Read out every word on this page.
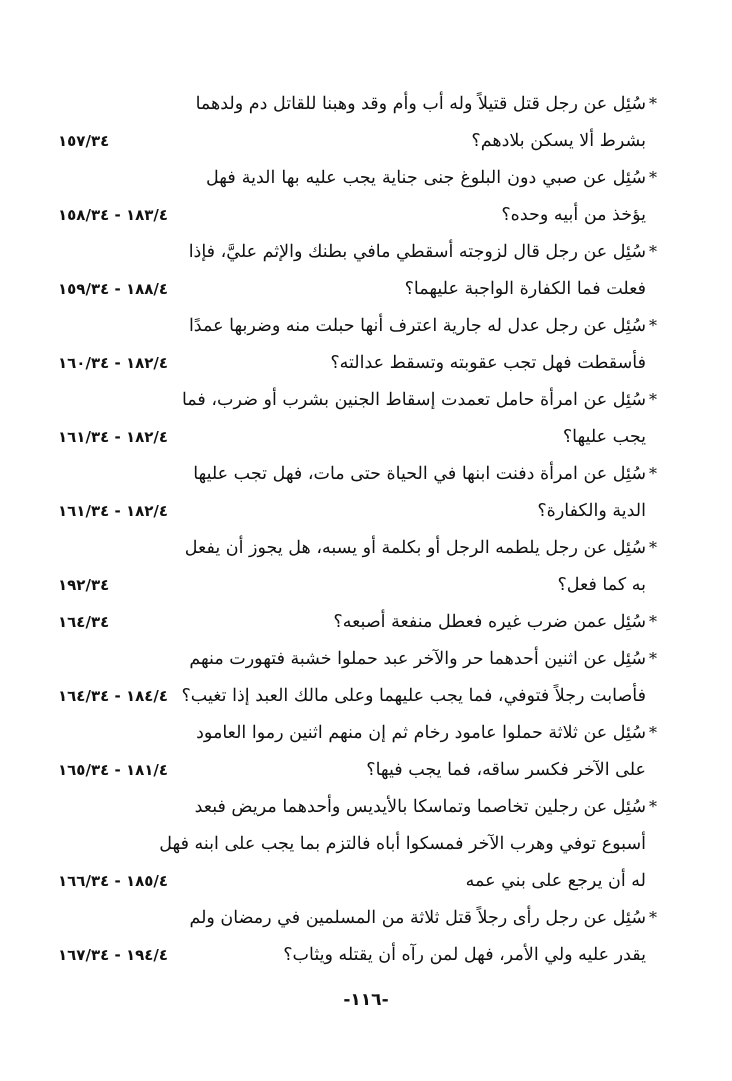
*
سُئِل عن رجل قتل قتيلاً وله أب وأم وقد وهبنا للقاتل دم ولدهما
بشرط ألا يسكن بلادهم؟
١٥٧/٣٤
*
سُئِل عن صبي دون البلوغ جنى جناية يجب عليه بها الدية فهل
يؤخذ من أبيه وحده؟
١٨٣/٤ - ١٥٨/٣٤
*
سُئِل عن رجل قال لزوجته أسقطي مافي بطنك والإثم عليَّ، فإذا
فعلت فما الكفارة الواجبة عليهما؟
١٨٨/٤ - ١٥٩/٣٤
*
سُئِل عن رجل عدل له جارية اعترف أنها حبلت منه وضربها عمدًا
فأسقطت فهل تجب عقوبته وتسقط عدالته؟
١٨٢/٤ - ١٦٠/٣٤
*
سُئِل عن امرأة حامل تعمدت إسقاط الجنين بشرب أو ضرب، فما
يجب عليها؟
١٨٢/٤ - ١٦١/٣٤
*
سُئِل عن امرأة دفنت ابنها في الحياة حتى مات، فهل تجب عليها
الدية والكفارة؟
١٨٢/٤ - ١٦١/٣٤
*
سُئِل عن رجل يلطمه الرجل أو بكلمة أو يسبه، هل يجوز أن يفعل
به كما فعل؟
١٩٢/٣٤
*
سُئِل عمن ضرب غيره فعطل منفعة أصبعه؟
١٦٤/٣٤
*
سُئِل عن اثنين أحدهما حر والآخر عبد حملوا خشبة فتهورت منهم
فأصابت رجلاً فتوفي، فما يجب عليهما وعلى مالك العبد إذا تغيب؟
١٨٤/٤ - ١٦٤/٣٤
*
سُئِل عن ثلاثة حملوا عامود رخام ثم إن منهم اثنين رموا العامود
على الآخر فكسر ساقه، فما يجب فيها؟
١٨١/٤ - ١٦٥/٣٤
*
سُئِل عن رجلين تخاصما وتماسكا بالأيديس وأحدهما مريض فبعد
أسبوع توفي وهرب الآخر فمسكوا أباه فالتزم بما يجب على ابنه فهل
له أن يرجع على بني عمه
١٨٥/٤ - ١٦٦/٣٤
*
سُئِل عن رجل رأى رجلاً قتل ثلاثة من المسلمين في رمضان ولم
يقدر عليه ولي الأمر، فهل لمن رآه أن يقتله ويثاب؟
١٩٤/٤ - ١٦٧/٣٤
-١١٦-
